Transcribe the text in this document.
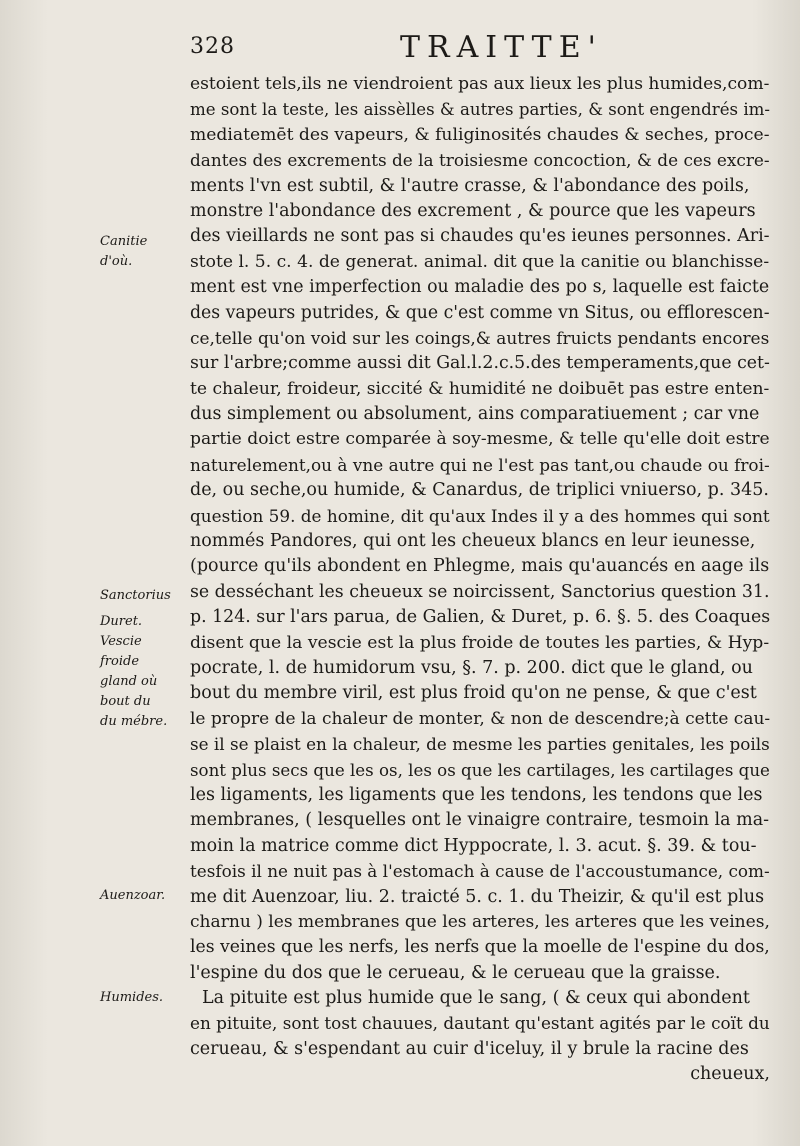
328	TRAITTE'
Canitie
d'où.
Sanctorius
Duret.
Vescie
froide
gland où
bout du
du mébre.
Auenzoar.
Humides.
estoient tels,ils ne viendroient pas aux lieux les plus humides,com-
me sont la teste, les aissèlles & autres parties, & sont engendrés im-
mediatemēt des vapeurs, & fuliginosités chaudes & seches, proce-
dantes des excrements de la troisiesme concoction, & de ces excre-
ments l'vn est subtil, & l'autre crasse, & l'abondance des poils,
monstre l'abondance des excrement , & pource que les vapeurs
des vieillards ne sont pas si chaudes qu'es ieunes personnes. Ari-
stote l. 5. c. 4. de generat. animal. dit que la canitie ou blanchisse-
ment est vne imperfection ou maladie des po s, laquelle est faicte
des vapeurs putrides, & que c'est comme vn Situs, ou efflorescen-
ce,telle qu'on void sur les coings,& autres fruicts pendants encores
sur l'arbre;comme aussi dit Gal.l.2.c.5.des temperaments,que cet-
te chaleur, froideur, siccité & humidité ne doibuēt pas estre enten-
dus simplement ou absolument, ains comparatiuement ; car vne
partie doict estre comparée à soy-mesme, & telle qu'elle doit estre
naturelement,ou à vne autre qui ne l'est pas tant,ou chaude ou froi-
de, ou seche,ou humide, & Canardus, de triplici vniuerso, p. 345.
question 59. de homine, dit qu'aux Indes il y a des hommes qui sont
nommés Pandores, qui ont les cheueux blancs en leur ieunesse,
(pource qu'ils abondent en Phlegme, mais qu'auancés en aage ils
se desséchant les cheueux se noircissent, Sanctorius question 31.
p. 124. sur l'ars parua, de Galien, & Duret, p. 6. §. 5. des Coaques
disent que la vescie est la plus froide de toutes les parties, & Hyp-
pocrate, l. de humidorum vsu, §. 7. p. 200. dict que le gland, ou
bout du membre viril, est plus froid qu'on ne pense, & que c'est
le propre de la chaleur de monter, & non de descendre;à cette cau-
se il se plaist en la chaleur, de mesme les parties genitales, les poils
sont plus secs que les os, les os que les cartilages, les cartilages que
les ligaments, les ligaments que les tendons, les tendons que les
membranes, ( lesquelles ont le vinaigre contraire, tesmoin la ma-
moin la matrice comme dict Hyppocrate, l. 3. acut. §. 39. & tou-
tesfois il ne nuit pas à l'estomach à cause de l'accoustumance, com-
me dit Auenzoar, liu. 2. traicté 5. c. 1. du Theizir, & qu'il est plus
charnu ) les membranes que les arteres, les arteres que les veines,
les veines que les nerfs, les nerfs que la moelle de l'espine du dos,
l'espine du dos que le cerueau, & le cerueau que la graisse.
La pituite est plus humide que le sang, ( & ceux qui abondent
en pituite, sont tost chauues, dautant qu'estant agités par le coït du
cerueau, & s'espendant au cuir d'iceluy, il y brule la racine des
cheueux,
